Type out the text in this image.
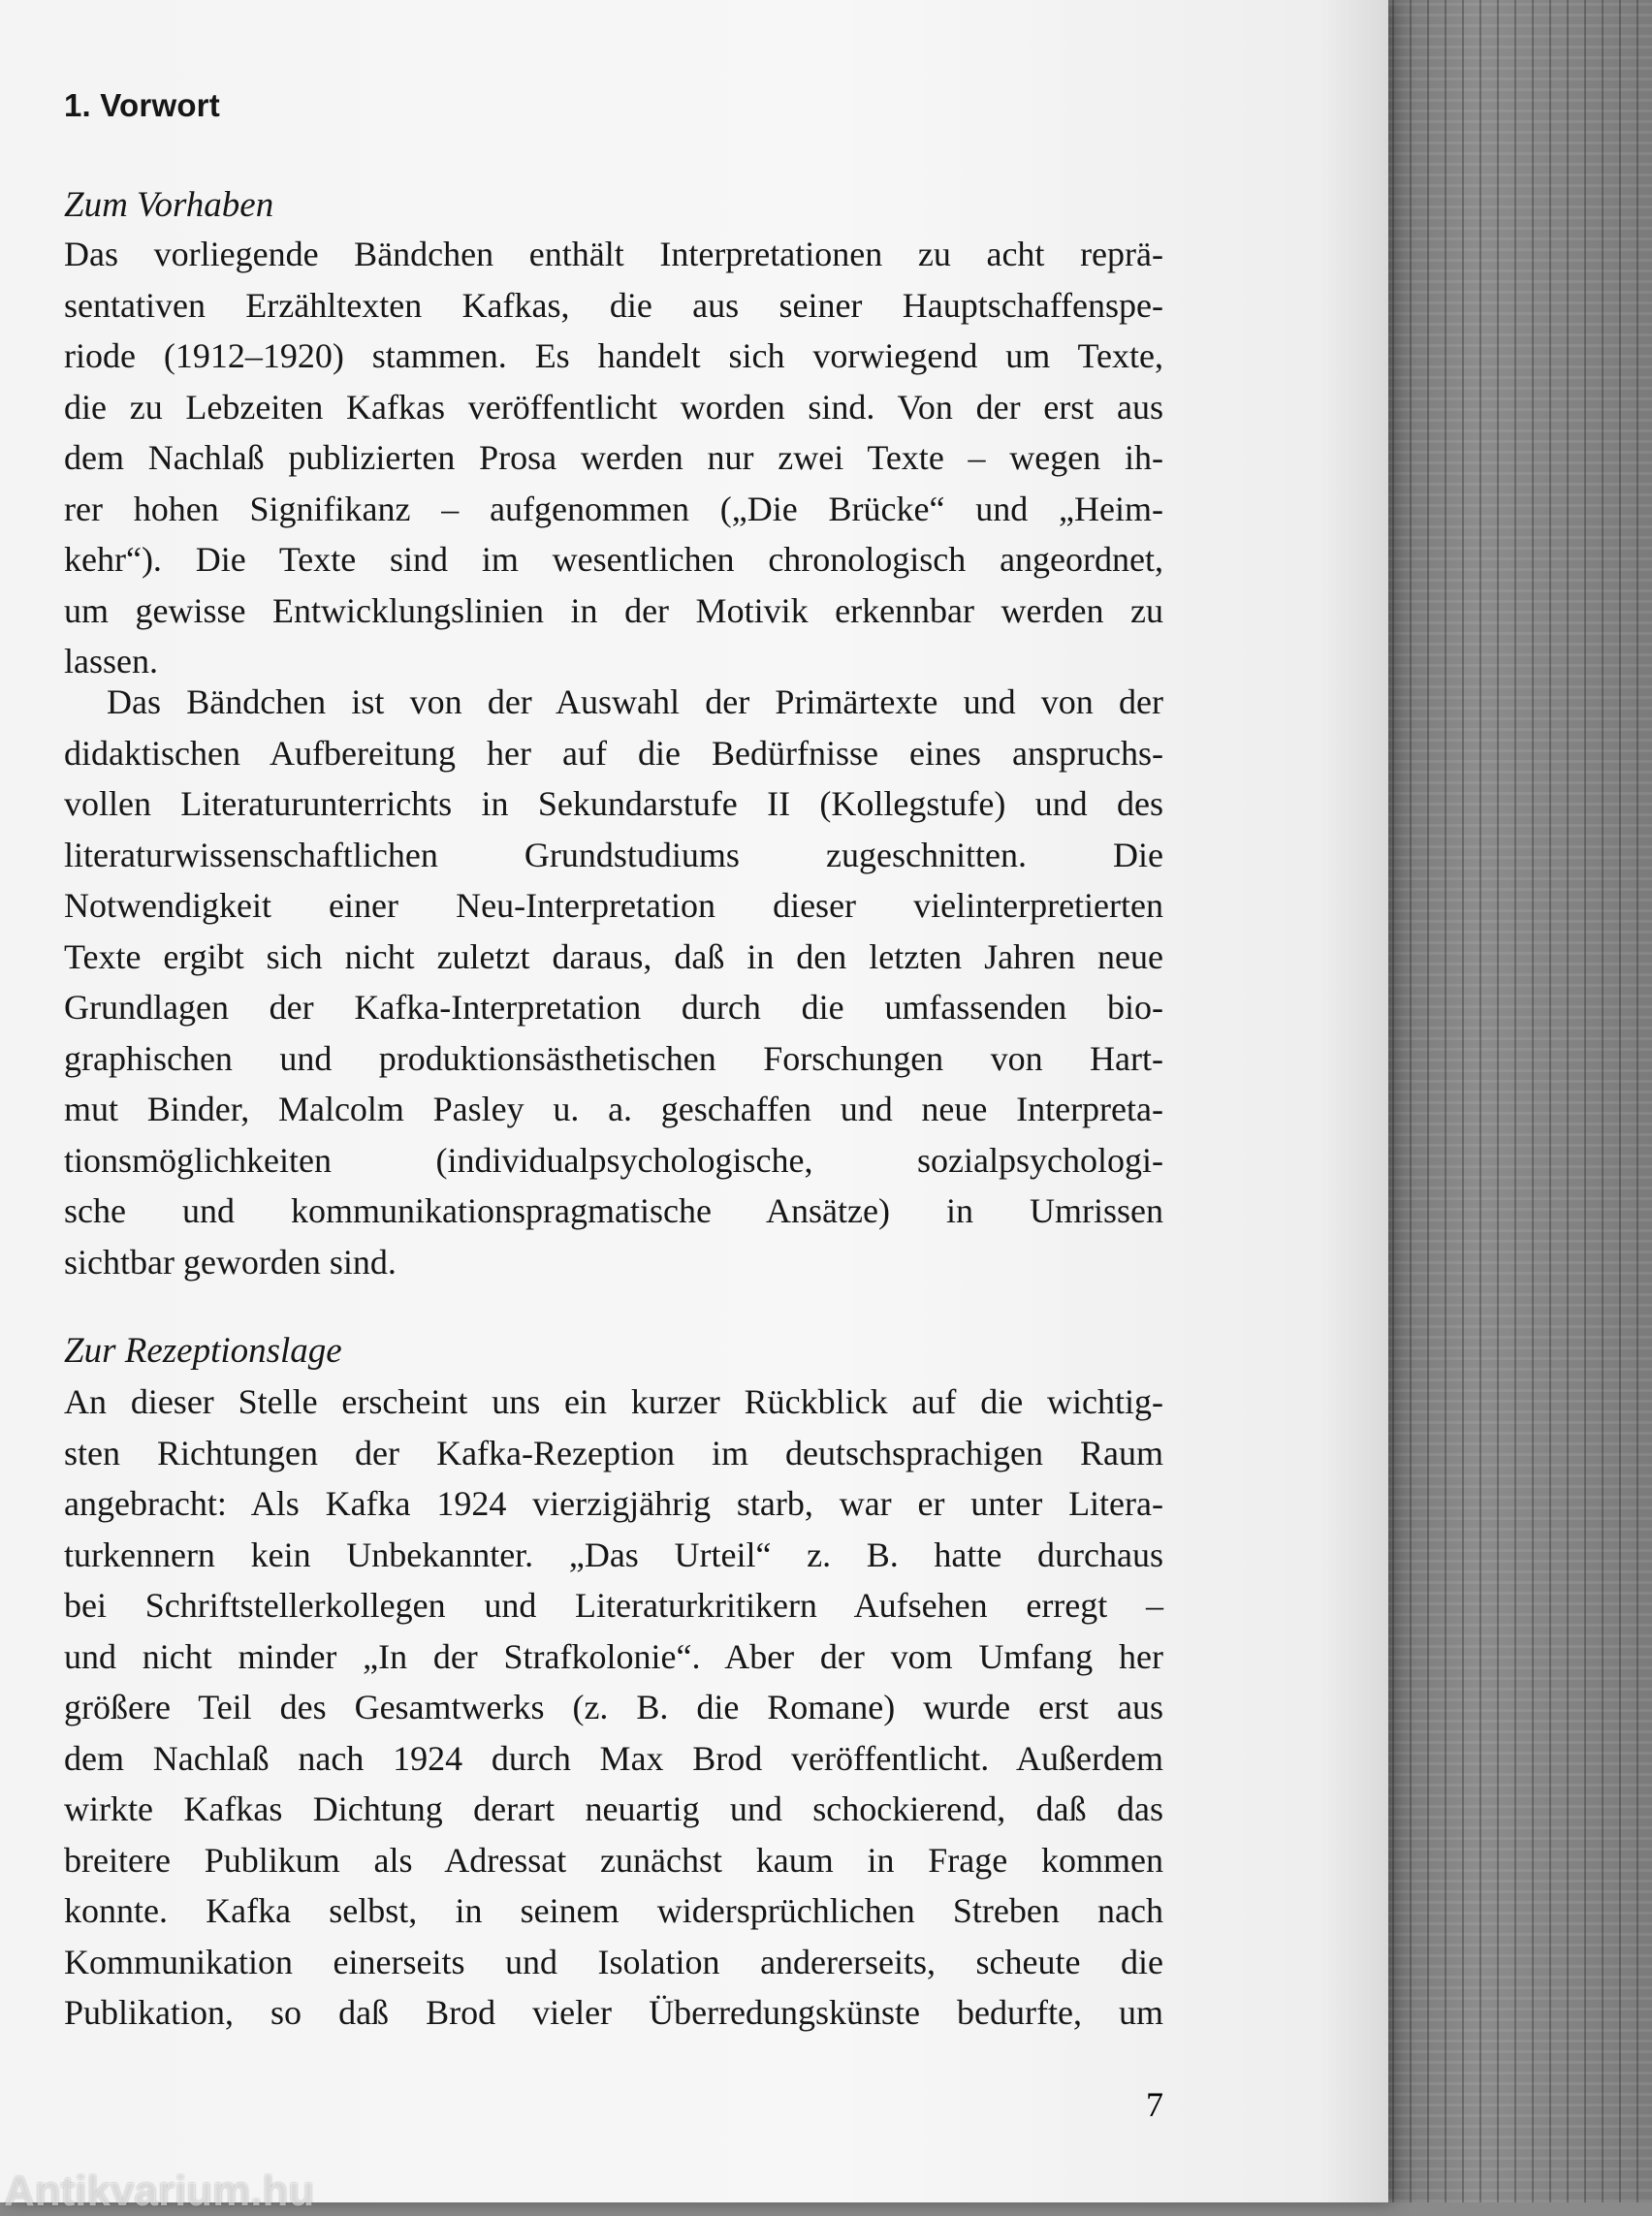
1. Vorwort
Zum Vorhaben

Das vorliegende Bändchen enthält Interpretationen zu acht reprä-
sentativen Erzähltexten Kafkas, die aus seiner Hauptschaffenspe-
riode (1912–1920) stammen. Es handelt sich vorwiegend um Texte,
die zu Lebzeiten Kafkas veröffentlicht worden sind. Von der erst aus
dem Nachlaß publizierten Prosa werden nur zwei Texte – wegen ih-
rer hohen Signifikanz – aufgenommen („Die Brücke“ und „Heim-
kehr“). Die Texte sind im wesentlichen chronologisch angeordnet,
um gewisse Entwicklungslinien in der Motivik erkennbar werden zu
lassen.

Das Bändchen ist von der Auswahl der Primärtexte und von der
didaktischen Aufbereitung her auf die Bedürfnisse eines anspruchs-
vollen Literaturunterrichts in Sekundarstufe II (Kollegstufe) und des
literaturwissenschaftlichen Grundstudiums zugeschnitten. Die
Notwendigkeit einer Neu-Interpretation dieser vielinterpretierten
Texte ergibt sich nicht zuletzt daraus, daß in den letzten Jahren neue
Grundlagen der Kafka-Interpretation durch die umfassenden bio-
graphischen und produktionsästhetischen Forschungen von Hart-
mut Binder, Malcolm Pasley u. a. geschaffen und neue Interpreta-
tionsmöglichkeiten (individualpsychologische, sozialpsychologi-
sche und kommunikationspragmatische Ansätze) in Umrissen
sichtbar geworden sind.

Zur Rezeptionslage

An dieser Stelle erscheint uns ein kurzer Rückblick auf die wichtig-
sten Richtungen der Kafka-Rezeption im deutschsprachigen Raum
angebracht: Als Kafka 1924 vierzigjährig starb, war er unter Litera-
turkennern kein Unbekannter. „Das Urteil“ z. B. hatte durchaus
bei Schriftstellerkollegen und Literaturkritikern Aufsehen erregt –
und nicht minder „In der Strafkolonie“. Aber der vom Umfang her
größere Teil des Gesamtwerks (z. B. die Romane) wurde erst aus
dem Nachlaß nach 1924 durch Max Brod veröffentlicht. Außerdem
wirkte Kafkas Dichtung derart neuartig und schockierend, daß das
breitere Publikum als Adressat zunächst kaum in Frage kommen
konnte. Kafka selbst, in seinem widersprüchlichen Streben nach
Kommunikation einerseits und Isolation andererseits, scheute die
Publikation, so daß Brod vieler Überredungskünste bedurfte, um

7

Antikvarium.hu
